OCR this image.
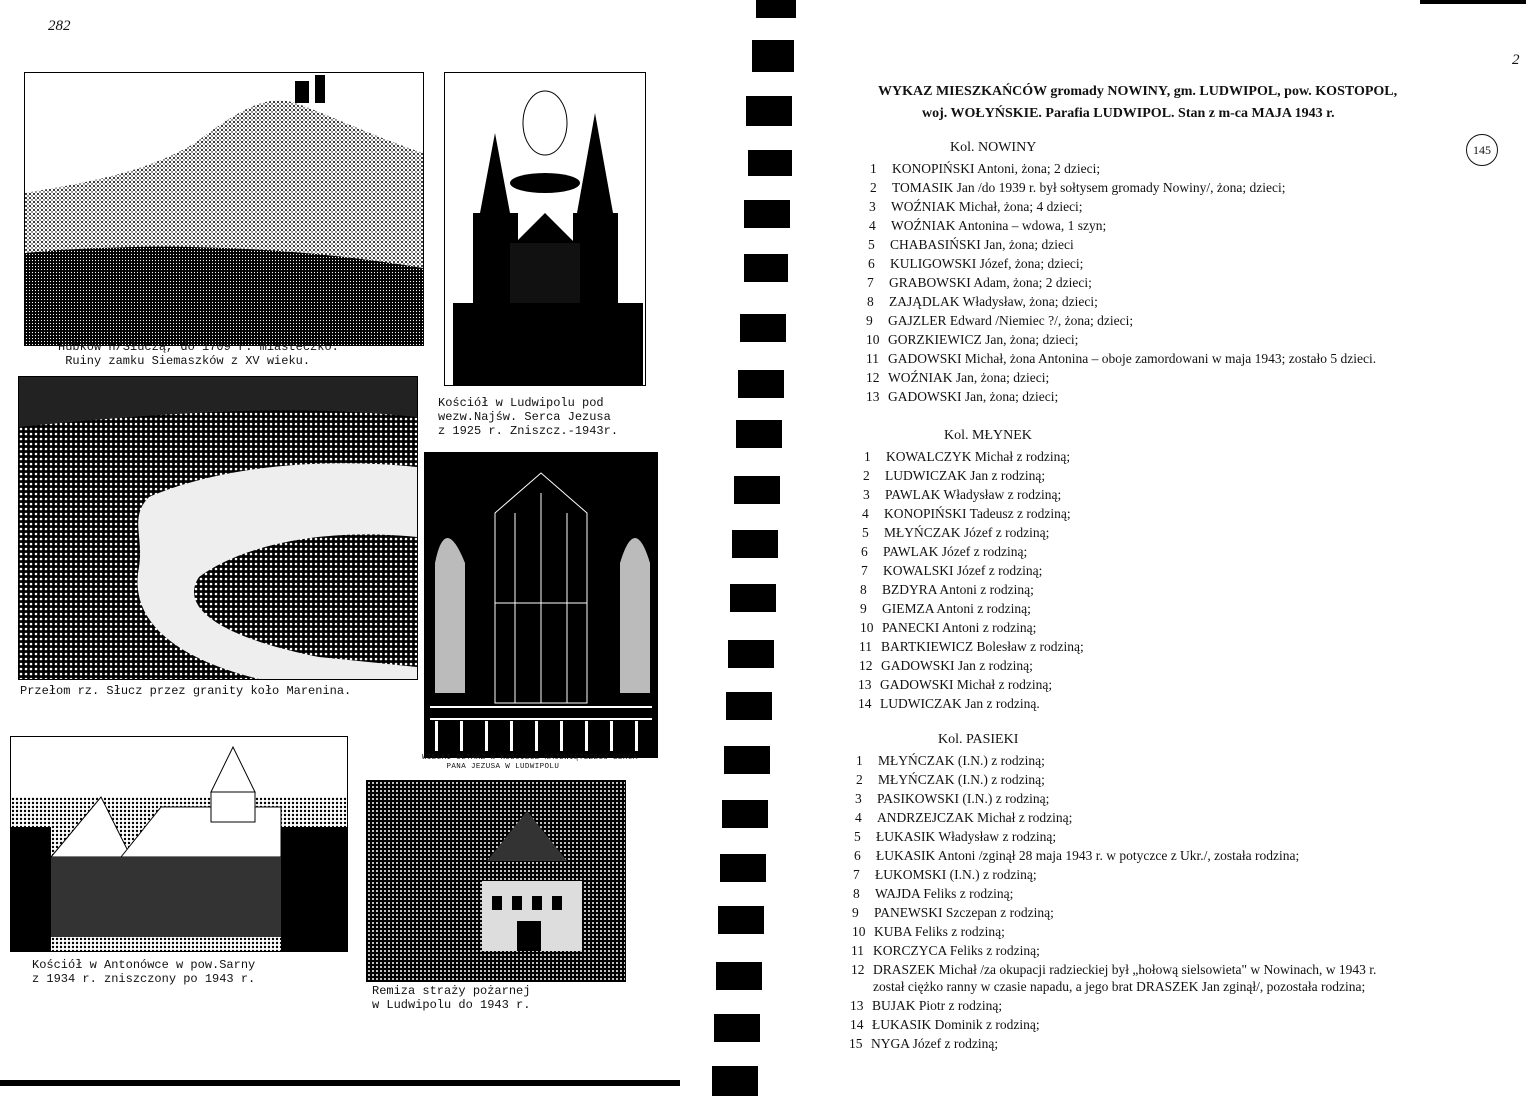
282
Hubków n/Słuczą, do 1709 r. miasteczko.
Ruiny zamku Siemaszków z XV wieku.
Przełom rz. Słucz przez granity koło Marenina.
Kościół w Ludwipolu pod
wezw.Najśw. Serca Jezusa
z 1925 r. Zniszcz.-1943r.
WIELKI OŁTARZ W KOŚCIELE NAJŚWIĘTSZEGO SERCA
PANA JEZUSA W LUDWIPOLU
Kościół w Antonówce w pow.Sarny
z 1934 r. zniszczony po 1943 r.
Remiza straży pożarnej
w Ludwipolu do 1943 r.
2
145
WYKAZ MIESZKAŃCÓW gromady NOWINY, gm. LUDWIPOL, pow. KOSTOPOL,
woj. WOŁYŃSKIE. Parafia LUDWIPOL. Stan z m-ca MAJA 1943 r.
Kol. NOWINY
1 KONOPIŃSKI Antoni, żona; 2 dzieci;
2 TOMASIK Jan /do 1939 r. był sołtysem gromady Nowiny/, żona; dzieci;
3 WOŹNIAK Michał, żona; 4 dzieci;
4 WOŹNIAK Antonina – wdowa, 1 szyn;
5 CHABASIŃSKI Jan, żona; dzieci
6 KULIGOWSKI Józef, żona; dzieci;
7 GRABOWSKI Adam, żona; 2 dzieci;
8 ZAJĄDLAK Władysław, żona; dzieci;
9 GAJZLER Edward /Niemiec ?/, żona; dzieci;
10 GORZKIEWICZ Jan, żona; dzieci;
11 GADOWSKI Michał, żona Antonina – oboje zamordowani w maja 1943; zostało 5 dzieci.
12 WOŹNIAK Jan, żona; dzieci;
13 GADOWSKI Jan, żona; dzieci;
Kol. MŁYNEK
1 KOWALCZYK Michał z rodziną;
2 LUDWICZAK Jan z rodziną;
3 PAWLAK Władysław z rodziną;
4 KONOPIŃSKI Tadeusz z rodziną;
5 MŁYŃCZAK Józef z rodziną;
6 PAWLAK Józef z rodziną;
7 KOWALSKI Józef z rodziną;
8 BZDYRA Antoni z rodziną;
9 GIEMZA Antoni z rodziną;
10 PANECKI Antoni z rodziną;
11 BARTKIEWICZ Bolesław z rodziną;
12 GADOWSKI Jan z rodziną;
13 GADOWSKI Michał z rodziną;
14 LUDWICZAK Jan z rodziną.
Kol. PASIEKI
1 MŁYŃCZAK (I.N.) z rodziną;
2 MŁYŃCZAK (I.N.) z rodziną;
3 PASIKOWSKI (I.N.) z rodziną;
4 ANDRZEJCZAK Michał z rodziną;
5 ŁUKASIK Władysław z rodziną;
6 ŁUKASIK Antoni /zginął 28 maja 1943 r. w potyczce z Ukr./, została rodzina;
7 ŁUKOMSKI (I.N.) z rodziną;
8 WAJDA Feliks z rodziną;
9 PANEWSKI Szczepan z rodziną;
10 KUBA Feliks z rodziną;
11 KORCZYCA Feliks z rodziną;
12 DRASZEK Michał /za okupacji radzieckiej był „hołową sielsowieta" w Nowinach, w 1943 r.
został ciężko ranny w czasie napadu, a jego brat DRASZEK Jan zginął/, pozostała rodzina;
13 BUJAK Piotr z rodziną;
14 ŁUKASIK Dominik z rodziną;
15 NYGA Józef z rodziną;
